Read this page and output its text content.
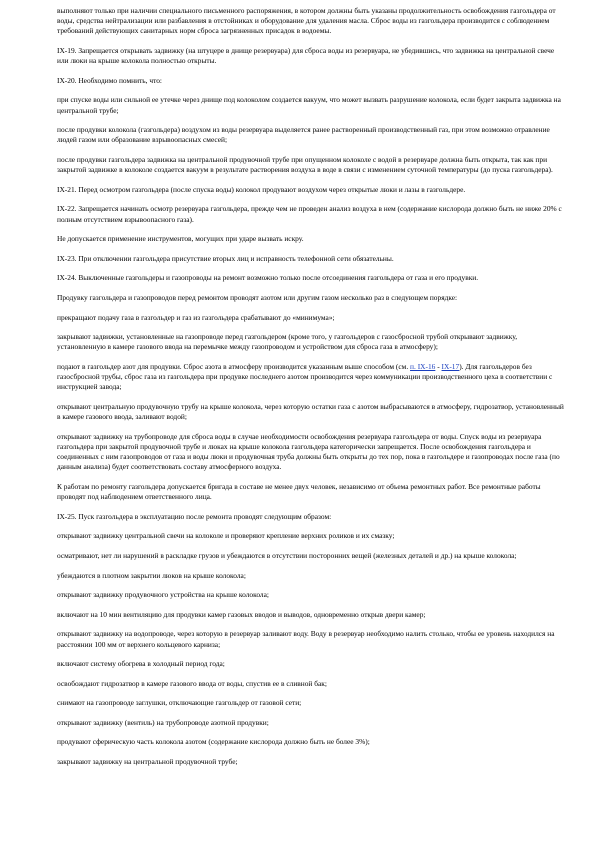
выполняют только при наличии специального письменного распоряжения, в котором должны быть указаны продолжительность освобождения газгольдера от воды, средства нейтрализации или разбавления в отстойниках и оборудование для удаления масла. Сброс воды из газгольдера производится с соблюдением требований действующих санитарных норм сброса загрязненных присадок в водоемы.

IX-19. Запрещается открывать задвижку (на штуцере в днище резервуара) для сброса воды из резервуара, не убедившись, что задвижка на центральной свече или люки на крыше колокола полностью открыты.

IX-20. Необходимо помнить, что:

при спуске воды или сильной ее утечке через днище под колоколом создается вакуум, что может вызвать разрушение колокола, если будет закрыта задвижка на центральной трубе;

после продувки колокола (газгольдера) воздухом из воды резервуара выделяется ранее растворенный производственный газ, при этом возможно отравление людей газом или образование взрывоопасных смесей;

после продувки газгольдера задвижка на центральной продувочной трубе при опущенном колоколе с водой в резервуаре должна быть открыта, так как при закрытой задвижке в колоколе создается вакуум в результате растворения воздуха в воде в связи с изменением суточной температуры (до пуска газгольдера).

IX-21. Перед осмотром газгольдера (после спуска воды) колокол продувают воздухом через открытые люки и лазы в газгольдере.

IX-22. Запрещается начинать осмотр резервуара газгольдера, прежде чем не проведен анализ воздуха в нем (содержание кислорода должно быть не ниже 20% с полным отсутствием взрывоопасного газа).

Не допускается применение инструментов, могущих при ударе вызвать искру.

IX-23. При отключении газгольдера присутствие вторых лиц и исправность телефонной сети обязательны.

IX-24. Выключенные газгольдеры и газопроводы на ремонт возможно только после отсоединения газгольдера от газа и его продувки.

Продувку газгольдера и газопроводов перед ремонтом проводят азотом или другим газом несколько раз в следующем порядке:

прекращают подачу газа в газгольдер и газ из газгольдера срабатывают до «минимума»;

закрывают задвижки, установленные на газопроводе перед газгольдером (кроме того, у газгольдеров с газосбросной трубой открывают задвижку, установленную в камере газового ввода на перемычке между газопроводом и устройством для сброса газа в атмосферу);

подают в газгольдер азот для продувки. Сброс азота в атмосферу производится указанным выше способом (см. п. IX-16 - IX-17). Для газгольдеров без газосбросной трубы, сброс газа из газгольдера при продувке последнего азотом производится через коммуникации производственного цеха в соответствии с инструкцией завода;

открывают центральную продувочную трубу на крыше колокола, через которую остатки газа с азотом выбрасываются в атмосферу, гидрозатвор, установленный в камере газового ввода, заливают водой;

открывают задвижку на трубопроводе для сброса воды в случае необходимости освобождения резервуара газгольдера от воды. Спуск воды из резервуара газгольдера при закрытой продувочной трубе и люках на крыше колокола газгольдера категорически запрещается. После освобождения газгольдера и соединенных с ним газопроводов от газа и воды люки и продувочная труба должны быть открыты до тех пор, пока в газгольдере и газопроводах после газа (по данным анализа) будет соответствовать составу атмосферного воздуха.

К работам по ремонту газгольдера допускается бригада в составе не менее двух человек, независимо от объема ремонтных работ. Все ремонтные работы проводят под наблюдением ответственного лица.

IX-25. Пуск газгольдера в эксплуатацию после ремонта проводят следующим образом:

открывают задвижку центральной свечи на колоколе и проверяют крепление верхних роликов и их смазку;

осматривают, нет ли нарушений в раскладке грузов и убеждаются в отсутствии посторонних вещей (железных деталей и др.) на крыше колокола;

убеждаются в плотном закрытии люков на крыше колокола;

открывают задвижку продувочного устройства на крыше колокола;

включают на 10 мин вентиляцию для продувки камер газовых вводов и выводов, одновременно открыв двери камер;

открывают задвижку на водопроводе, через которую в резервуар заливают воду. Воду в резервуар необходимо налить столько, чтобы ее уровень находился на расстоянии 100 мм от верхнего кольцевого карниза;

включают систему обогрева в холодный период года;

освобождают гидрозатвор в камере газового ввода от воды, спустив ее в сливной бак;

снимают на газопроводе заглушки, отключающие газгольдер от газовой сети;

открывают задвижку (вентиль) на трубопроводе азотной продувки;

продувают сферическую часть колокола азотом (содержание кислорода должно быть не более 3%);

закрывают задвижку на центральной продувочной трубе;
